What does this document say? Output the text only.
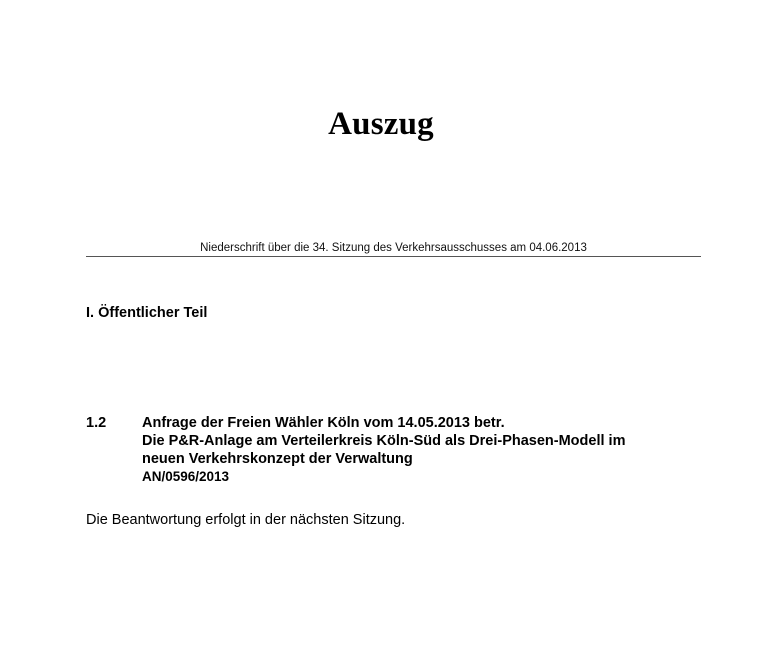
Auszug
Niederschrift über die 34. Sitzung des Verkehrsausschusses am 04.06.2013
I. Öffentlicher Teil
1.2 Anfrage der Freien Wähler Köln vom 14.05.2013 betr.
Die P&R-Anlage am Verteilerkreis Köln-Süd als Drei-Phasen-Modell im
neuen Verkehrskonzept der Verwaltung
AN/0596/2013
Die Beantwortung erfolgt in der nächsten Sitzung.
